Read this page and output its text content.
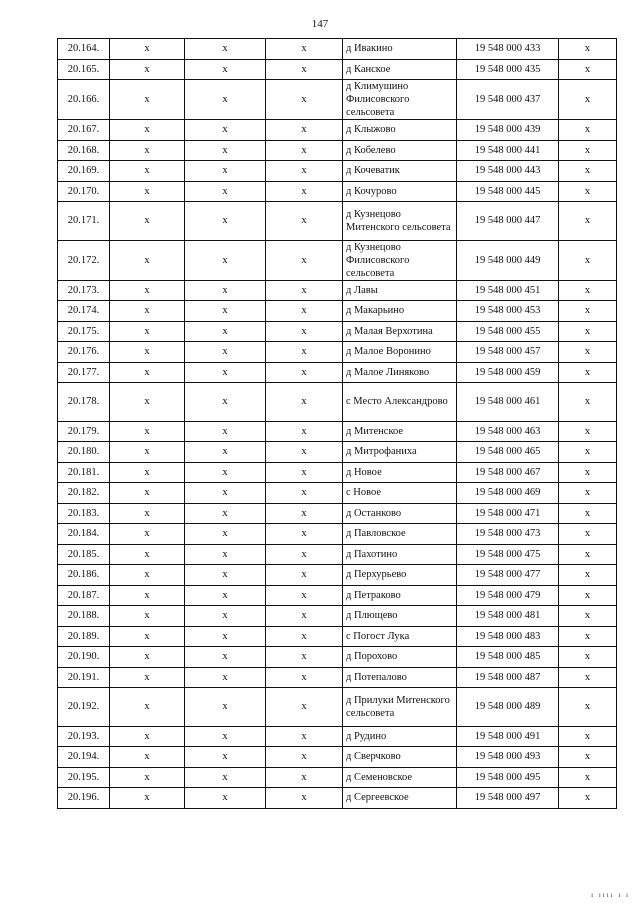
147
20.164.	х	х	х	д Ивакино	19 548 000 433	х
20.165.	х	х	х	д Канское	19 548 000 435	х
20.166.	х	х	х	д Климушино Филисовского сельсовета	19 548 000 437	х
20.167.	х	х	х	д Клыжово	19 548 000 439	х
20.168.	х	х	х	д Кобелево	19 548 000 441	х
20.169.	х	х	х	д Кочеватик	19 548 000 443	х
20.170.	х	х	х	д Кочурово	19 548 000 445	х
20.171.	х	х	х	д Кузнецово Митенского сельсовета	19 548 000 447	х
20.172.	х	х	х	д Кузнецово Филисовского сельсовета	19 548 000 449	х
20.173.	х	х	х	д Лавы	19 548 000 451	х
20.174.	х	х	х	д Макарьино	19 548 000 453	х
20.175.	х	х	х	д Малая Верхотина	19 548 000 455	х
20.176.	х	х	х	д Малое Воронино	19 548 000 457	х
20.177.	х	х	х	д Малое Линяково	19 548 000 459	х
20.178.	х	х	х	с Место Александрово	19 548 000 461	х
20.179.	х	х	х	д Митенское	19 548 000 463	х
20.180.	х	х	х	д Митрофаниха	19 548 000 465	х
20.181.	х	х	х	д Новое	19 548 000 467	х
20.182.	х	х	х	с Новое	19 548 000 469	х
20.183.	х	х	х	д Останково	19 548 000 471	х
20.184.	х	х	х	д Павловское	19 548 000 473	х
20.185.	х	х	х	д Пахотино	19 548 000 475	х
20.186.	х	х	х	д Перхурьево	19 548 000 477	х
20.187.	х	х	х	д Петраково	19 548 000 479	х
20.188.	х	х	х	д Плющево	19 548 000 481	х
20.189.	х	х	х	с Погост Лука	19 548 000 483	х
20.190.	х	х	х	д Порохово	19 548 000 485	х
20.191.	х	х	х	д Потепалово	19 548 000 487	х
20.192.	х	х	х	д Прилуки Митенского сельсовета	19 548 000 489	х
20.193.	х	х	х	д Рудино	19 548 000 491	х
20.194.	х	х	х	д Сверчково	19 548 000 493	х
20.195.	х	х	х	д Семеновское	19 548 000 495	х
20.196.	х	х	х	д Сергеевское	19 548 000 497	х
ı ıııı ı ı
